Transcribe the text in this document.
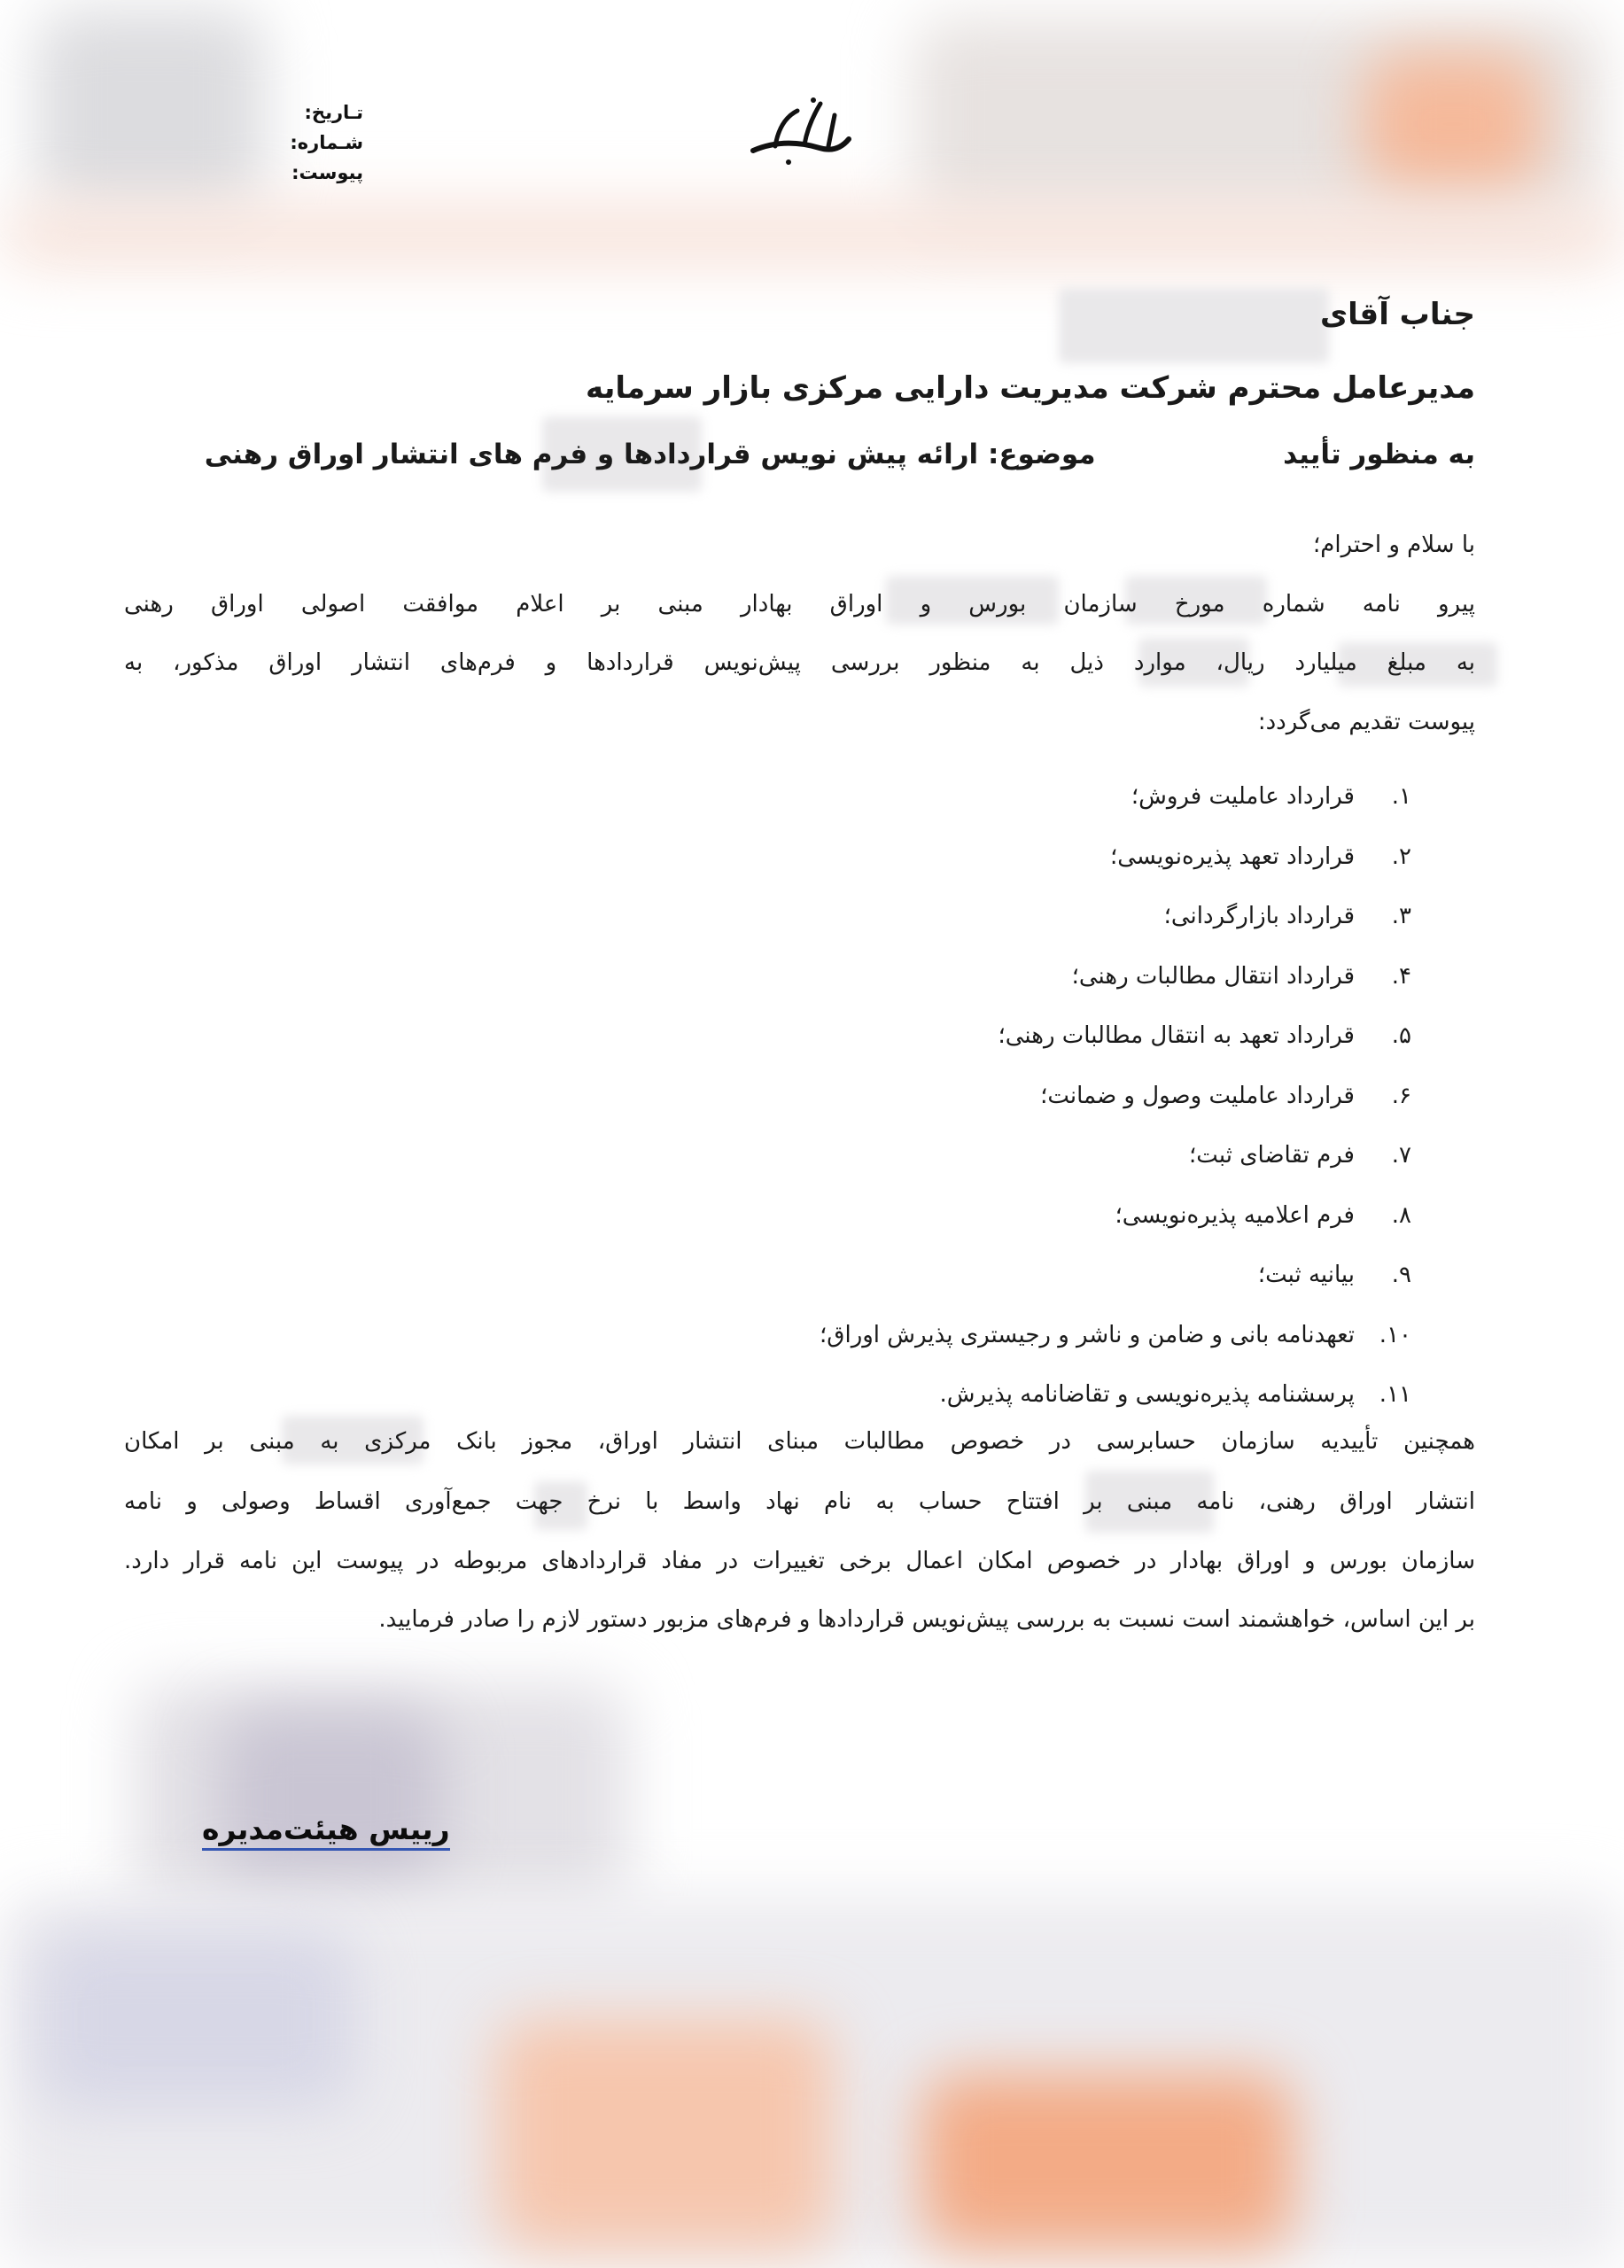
تـاریخ:
شـماره:
پیوست:
جناب آقای
مدیرعامل محترم شرکت مدیریت دارایی مرکزی بازار سرمایه
موضوع: ارائه پیش نویس قراردادها و فرم های انتشار اوراق رهنی	به منظور تأیید
با سلام و احترام؛
پیرو نامه شماره مورخ سازمان بورس و اوراق بهادار مبنی بر اعلام موافقت اصولی اوراق رهنی
به مبلغ میلیارد ریال، موارد ذیل به منظور بررسی پیش‌نویس قراردادها و فرم‌های انتشار اوراق مذکور، به
پیوست تقدیم می‌گردد:
۱.قرارداد عاملیت فروش؛
۲.قرارداد تعهد پذیره‌نویسی؛
۳.قرارداد بازارگردانی؛
۴.قرارداد انتقال مطالبات رهنی؛
۵.قرارداد تعهد به انتقال مطالبات رهنی؛
۶.قرارداد عاملیت وصول و ضمانت؛
۷.فرم تقاضای ثبت؛
۸.فرم اعلامیه پذیره‌نویسی؛
۹.بیانیه ثبت؛
۱۰.تعهدنامه بانی و ضامن و ناشر و رجیستری پذیرش اوراق؛
۱۱.پرسشنامه پذیره‌نویسی و تقاضانامه پذیرش.
همچنین تأییدیه سازمان حسابرسی در خصوص مطالبات مبنای انتشار اوراق، مجوز بانک مرکزی به مبنی بر امکان
انتشار اوراق رهنی، نامه مبنی بر افتتاح حساب به نام نهاد واسط با نرخ جهت جمع‌آوری اقساط وصولی و نامه
سازمان بورس و اوراق بهادار در خصوص امکان اعمال برخی تغییرات در مفاد قراردادهای مربوطه در پیوست این نامه قرار دارد.
بر این اساس، خواهشمند است نسبت به بررسی پیش‌نویس قراردادها و فرم‌های مزبور دستور لازم را صادر فرمایید.
رییس هیئت‌مدیره
